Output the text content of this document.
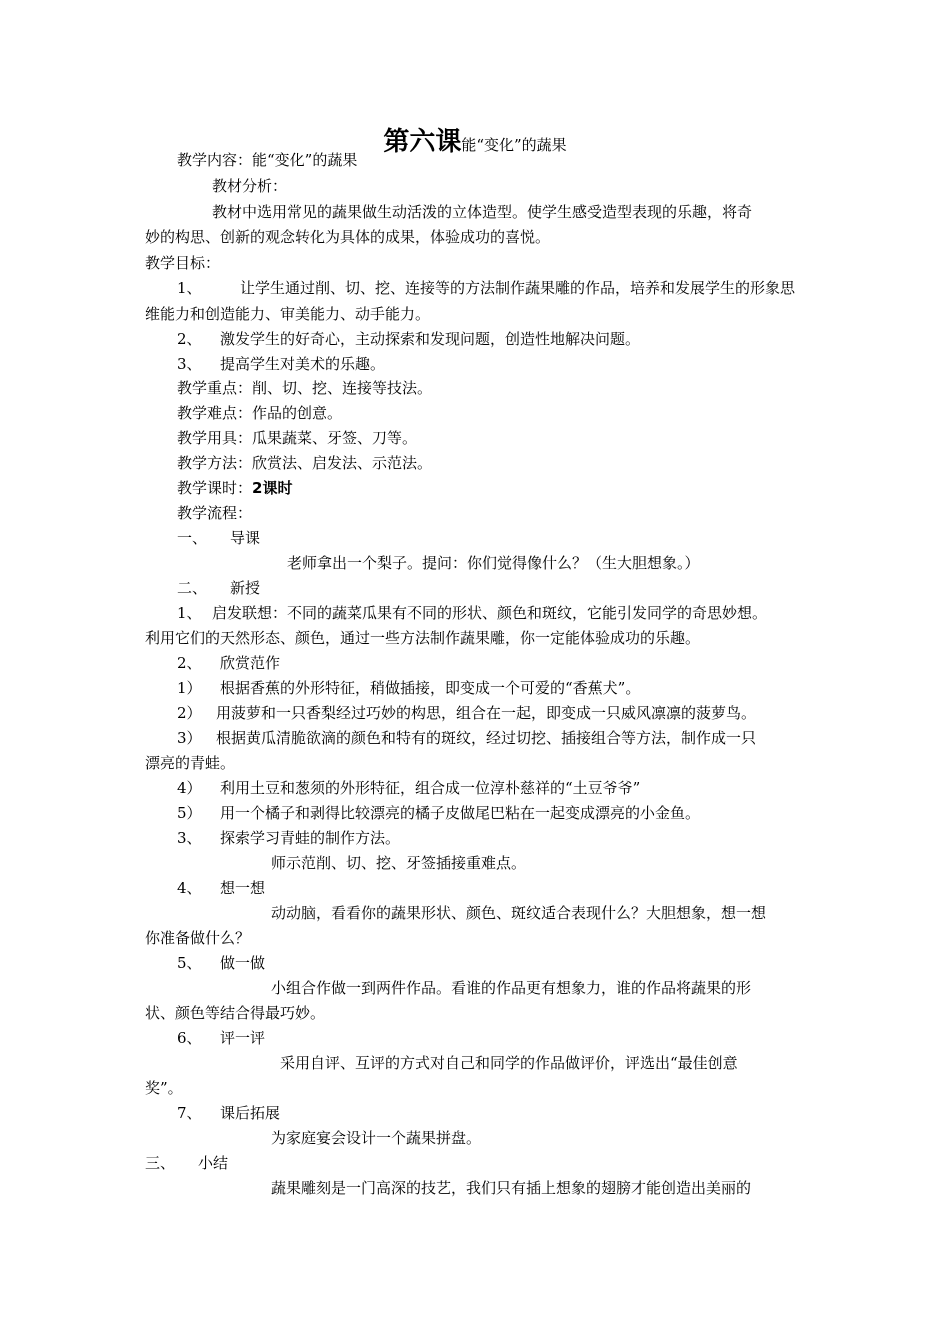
第六课能“变化”的蔬果
教学内容：能“变化”的蔬果
教材分析：
教材中选用常见的蔬果做生动活泼的立体造型。使学生感受造型表现的乐趣，将奇
妙的构思、创新的观念转化为具体的成果，体验成功的喜悦。
教学目标：
1、	让学生通过削、切、挖、连接等的方法制作蔬果雕的作品，培养和发展学生的形象思
维能力和创造能力、审美能力、动手能力。
2、 激发学生的好奇心，主动探索和发现问题，创造性地解决问题。
3、 提高学生对美术的乐趣。
教学重点：削、切、挖、连接等技法。
教学难点：作品的创意。
教学用具：瓜果蔬菜、牙签、刀等。
教学方法：欣赏法、启发法、示范法。
教学课时：2课时
教学流程：
一、 导课
老师拿出一个梨子。提问：你们觉得像什么？（生大胆想象。）
二、 新授
1、 启发联想：不同的蔬菜瓜果有不同的形状、颜色和斑纹，它能引发同学的奇思妙想。
利用它们的天然形态、颜色，通过一些方法制作蔬果雕，你一定能体验成功的乐趣。
2、 欣赏范作
1） 根据香蕉的外形特征，稍做插接，即变成一个可爱的“香蕉犬”。
2） 用菠萝和一只香梨经过巧妙的构思，组合在一起，即变成一只威风凛凛的菠萝鸟。
3） 根据黄瓜清脆欲滴的颜色和特有的斑纹，经过切挖、插接组合等方法，制作成一只
漂亮的青蛙。
4） 利用土豆和葱须的外形特征，组合成一位淳朴慈祥的“土豆爷爷”
5） 用一个橘子和剥得比较漂亮的橘子皮做尾巴粘在一起变成漂亮的小金鱼。
3、 探索学习青蛙的制作方法。
师示范削、切、挖、牙签插接重难点。
4、 想一想
动动脑，看看你的蔬果形状、颜色、斑纹适合表现什么？大胆想象，想一想
你准备做什么？
5、 做一做
小组合作做一到两件作品。看谁的作品更有想象力，谁的作品将蔬果的形
状、颜色等结合得最巧妙。
6、 评一评
采用自评、互评的方式对自己和同学的作品做评价，评选出“最佳创意
奖”。
7、 课后拓展
为家庭宴会设计一个蔬果拼盘。
三、 小结
蔬果雕刻是一门高深的技艺，我们只有插上想象的翅膀才能创造出美丽的
